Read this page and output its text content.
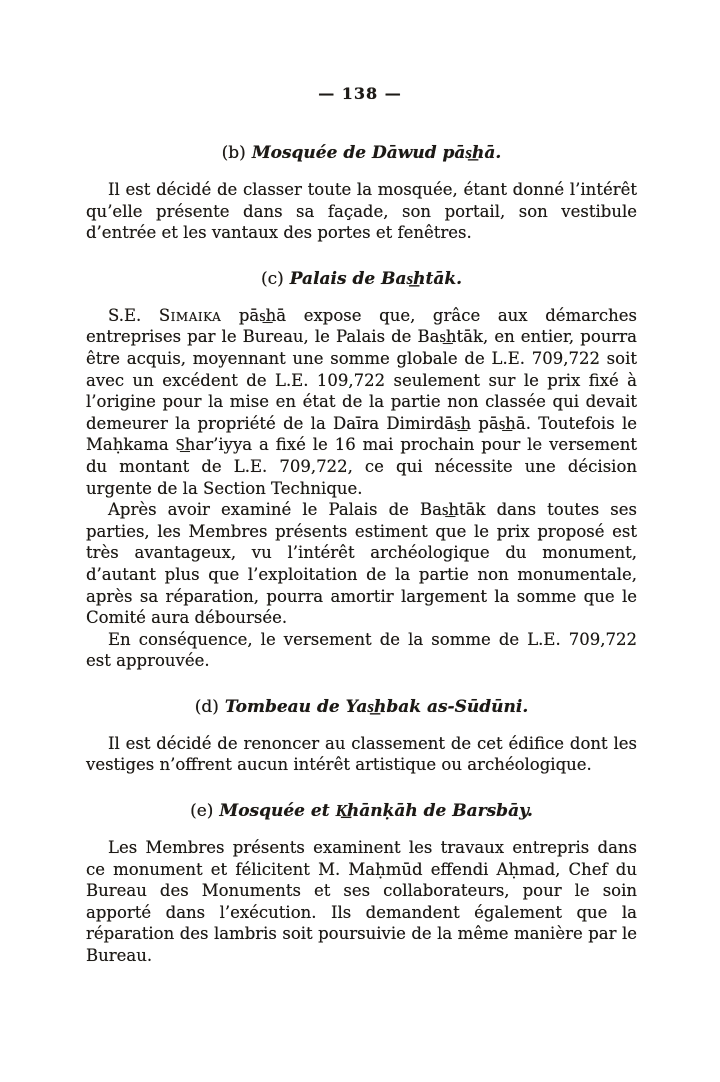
— 138 —
(b) Mosquée de Dāwud pās͟hā.

Il est décidé de classer toute la mosquée, étant donné l’intérêt qu’elle présente dans sa façade, son portail, son vestibule d’entrée et les vantaux des portes et fenêtres.

(c) Palais de Bas͟htāk.

S.E. Simaika pās͟hā expose que, grâce aux démarches entreprises par le Bureau, le Palais de Bas͟htāk, en entier, pourra être acquis, moyennant une somme globale de L.E. 709,722 soit avec un excédent de L.E. 109,722 seulement sur le prix fixé à l’origine pour la mise en état de la partie non classée qui devait demeurer la propriété de la Daīra Dimirdās͟h pās͟hā. Toutefois le Maḥkama S͟har’iyya a fixé le 16 mai prochain pour le versement du montant de L.E. 709,722, ce qui nécessite une décision urgente de la Section Technique.

Après avoir examiné le Palais de Bas͟htāk dans toutes ses parties, les Membres présents estiment que le prix proposé est très avantageux, vu l’intérêt archéologique du monument, d’autant plus que l’exploitation de la partie non monumentale, après sa réparation, pourra amortir largement la somme que le Comité aura déboursée.

En conséquence, le versement de la somme de L.E. 709,722 est approuvée.

(d) Tombeau de Yas͟hbak as-Sūdūni.

Il est décidé de renoncer au classement de cet édifice dont les vestiges n’offrent aucun intérêt artistique ou archéologique.

(e) Mosquée et K͟hānḳāh de Barsbāy.

Les Membres présents examinent les travaux entrepris dans ce monument et félicitent M. Maḥmūd effendi Aḥmad, Chef du Bureau des Monuments et ses collaborateurs, pour le soin apporté dans l’exécution. Ils demandent également que la réparation des lambris soit poursuivie de la même manière par le Bureau.
